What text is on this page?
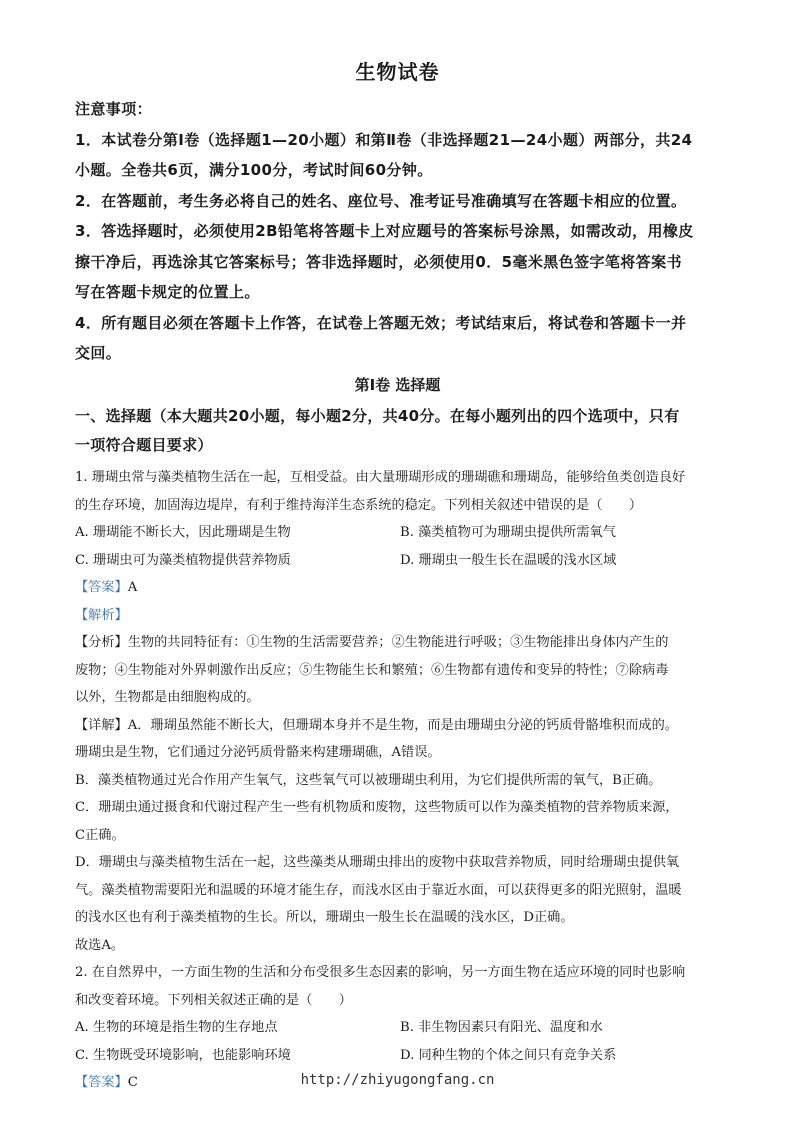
生物试卷

注意事项：

1．本试卷分第Ⅰ卷（选择题1—20小题）和第Ⅱ卷（非选择题21—24小题）两部分，共24

小题。全卷共6页，满分100分，考试时间60分钟。

2．在答题前，考生务必将自己的姓名、座位号、准考证号准确填写在答题卡相应的位置。

3．答选择题时，必须使用2B铅笔将答题卡上对应题号的答案标号涂黑，如需改动，用橡皮

擦干净后，再选涂其它答案标号；答非选择题时，必须使用0．5毫米黑色签字笔将答案书

写在答题卡规定的位置上。

4．所有题目必须在答题卡上作答，在试卷上答题无效；考试结束后，将试卷和答题卡一并

交回。

第Ⅰ卷 选择题

一、选择题（本大题共20小题，每小题2分，共40分。在每小题列出的四个选项中，只有

一项符合题目要求）

1. 珊瑚虫常与藻类植物生活在一起，互相受益。由大量珊瑚形成的珊瑚礁和珊瑚岛，能够给鱼类创造良好

的生存环境，加固海边堤岸，有利于维持海洋生态系统的稳定。下列相关叙述中错误的是（　　）

A. 珊瑚能不断长大，因此珊瑚是生物	B. 藻类植物可为珊瑚虫提供所需氧气
C. 珊瑚虫可为藻类植物提供营养物质	D. 珊瑚虫一般生长在温暖的浅水区域

【答案】A

【解析】

【分析】生物的共同特征有：①生物的生活需要营养；②生物能进行呼吸；③生物能排出身体内产生的

废物；④生物能对外界刺激作出反应；⑤生物能生长和繁殖；⑥生物都有遗传和变异的特性；⑦除病毒

以外，生物都是由细胞构成的。

【详解】A．珊瑚虽然能不断长大，但珊瑚本身并不是生物，而是由珊瑚虫分泌的钙质骨骼堆积而成的。

珊瑚虫是生物，它们通过分泌钙质骨骼来构建珊瑚礁，A错误。

B．藻类植物通过光合作用产生氧气，这些氧气可以被珊瑚虫利用，为它们提供所需的氧气，B正确。

C．珊瑚虫通过摄食和代谢过程产生一些有机物质和废物，这些物质可以作为藻类植物的营养物质来源，

C正确。

D．珊瑚虫与藻类植物生活在一起，这些藻类从珊瑚虫排出的废物中获取营养物质，同时给珊瑚虫提供氧

气。藻类植物需要阳光和温暖的环境才能生存，而浅水区由于靠近水面，可以获得更多的阳光照射，温暖

的浅水区也有利于藻类植物的生长。所以，珊瑚虫一般生长在温暖的浅水区，D正确。

故选A。

2. 在自然界中，一方面生物的生活和分布受很多生态因素的影响，另一方面生物在适应环境的同时也影响

和改变着环境。下列相关叙述正确的是（　　）

A. 生物的环境是指生物的生存地点	B. 非生物因素只有阳光、温度和水
C. 生物既受环境影响，也能影响环境	D. 同种生物的个体之间只有竞争关系

【答案】C	http://zhiyugongfang.cn
